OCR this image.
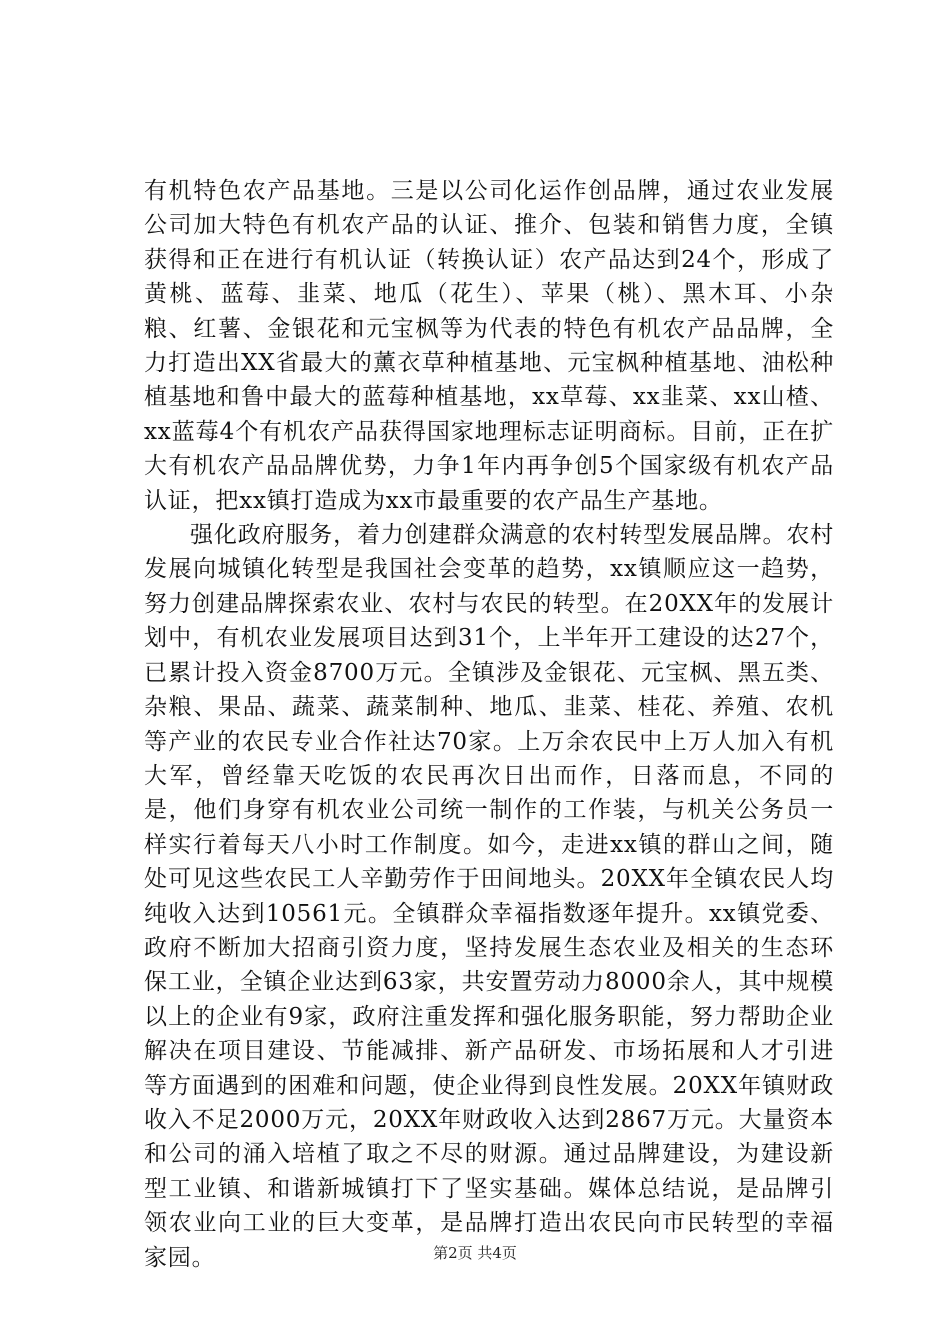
有机特色农产品基地。三是以公司化运作创品牌，通过农业发展公司加大特色有机农产品的认证、推介、包装和销售力度，全镇获得和正在进行有机认证（转换认证）农产品达到24个，形成了黄桃、蓝莓、韭菜、地瓜（花生）、苹果（桃）、黑木耳、小杂粮、红薯、金银花和元宝枫等为代表的特色有机农产品品牌，全力打造出XX省最大的薰衣草种植基地、元宝枫种植基地、油松种植基地和鲁中最大的蓝莓种植基地，xx草莓、xx韭菜、xx山楂、xx蓝莓4个有机农产品获得国家地理标志证明商标。目前，正在扩大有机农产品品牌优势，力争1年内再争创5个国家级有机农产品认证，把xx镇打造成为xx市最重要的农产品生产基地。

强化政府服务，着力创建群众满意的农村转型发展品牌。农村发展向城镇化转型是我国社会变革的趋势，xx镇顺应这一趋势，努力创建品牌探索农业、农村与农民的转型。在20XX年的发展计划中，有机农业发展项目达到31个，上半年开工建设的达27个，已累计投入资金8700万元。全镇涉及金银花、元宝枫、黑五类、杂粮、果品、蔬菜、蔬菜制种、地瓜、韭菜、桂花、养殖、农机等产业的农民专业合作社达70家。上万余农民中上万人加入有机大军，曾经靠天吃饭的农民再次日出而作，日落而息，不同的是，他们身穿有机农业公司统一制作的工作装，与机关公务员一样实行着每天八小时工作制度。如今，走进xx镇的群山之间，随处可见这些农民工人辛勤劳作于田间地头。20XX年全镇农民人均纯收入达到10561元。全镇群众幸福指数逐年提升。xx镇党委、政府不断加大招商引资力度，坚持发展生态农业及相关的生态环保工业，全镇企业达到63家，共安置劳动力8000余人，其中规模以上的企业有9家，政府注重发挥和强化服务职能，努力帮助企业解决在项目建设、节能减排、新产品研发、市场拓展和人才引进等方面遇到的困难和问题，使企业得到良性发展。20XX年镇财政收入不足2000万元，20XX年财政收入达到2867万元。大量资本和公司的涌入培植了取之不尽的财源。通过品牌建设，为建设新型工业镇、和谐新城镇打下了坚实基础。媒体总结说，是品牌引领农业向工业的巨大变革，是品牌打造出农民向市民转型的幸福家园。	第2页 共4页
